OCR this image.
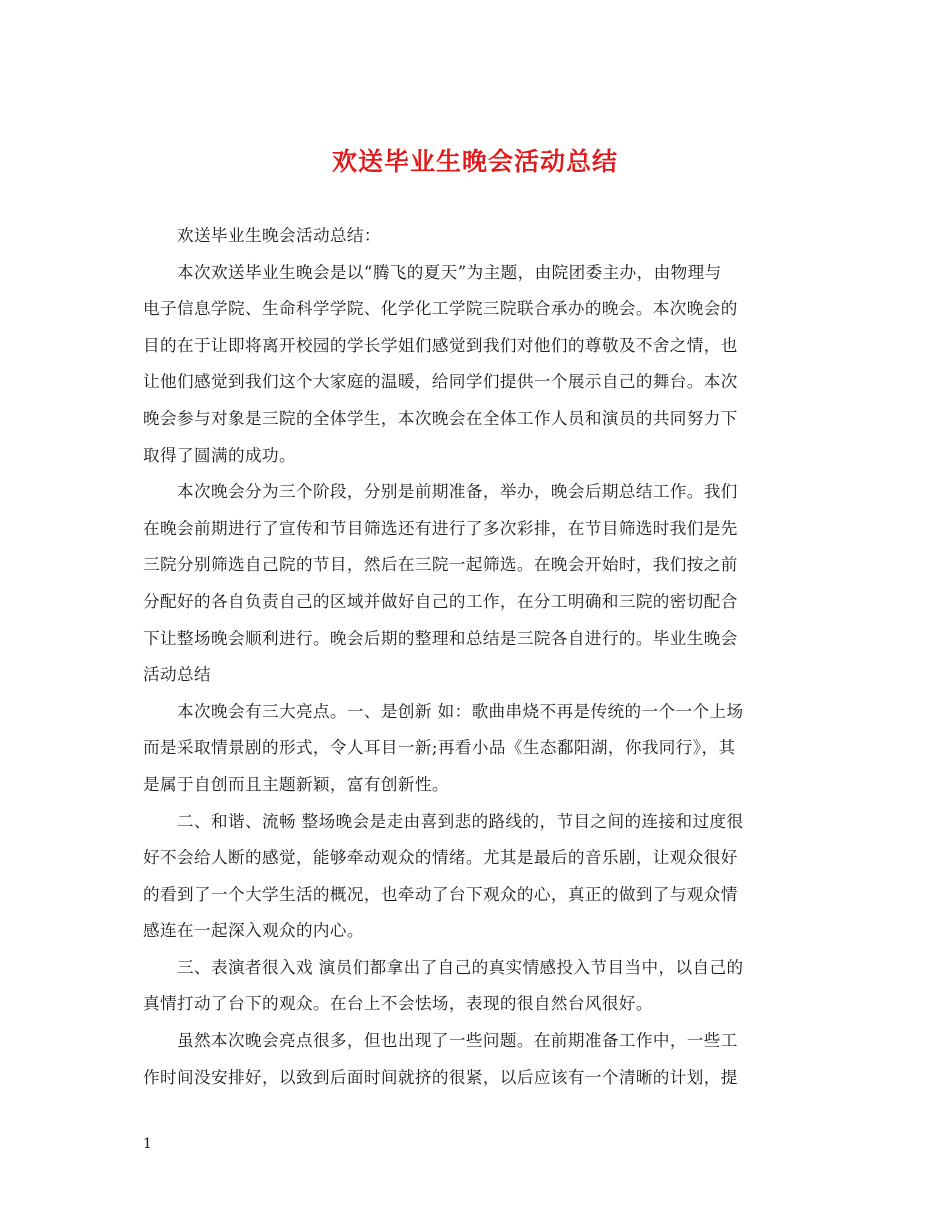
欢送毕业生晚会活动总结
欢送毕业生晚会活动总结：
本次欢送毕业生晚会是以“腾飞的夏天”为主题，由院团委主办，由物理与
电子信息学院、生命科学学院、化学化工学院三院联合承办的晚会。本次晚会的
目的在于让即将离开校园的学长学姐们感觉到我们对他们的尊敬及不舍之情，也
让他们感觉到我们这个大家庭的温暖，给同学们提供一个展示自己的舞台。本次
晚会参与对象是三院的全体学生，本次晚会在全体工作人员和演员的共同努力下
取得了圆满的成功。
本次晚会分为三个阶段，分别是前期准备，举办，晚会后期总结工作。我们
在晚会前期进行了宣传和节目筛选还有进行了多次彩排，在节目筛选时我们是先
三院分别筛选自己院的节目，然后在三院一起筛选。在晚会开始时，我们按之前
分配好的各自负责自己的区域并做好自己的工作，在分工明确和三院的密切配合
下让整场晚会顺利进行。晚会后期的整理和总结是三院各自进行的。毕业生晚会
活动总结
本次晚会有三大亮点。一、是创新 如：歌曲串烧不再是传统的一个一个上场
而是采取情景剧的形式，令人耳目一新;再看小品《生态鄱阳湖，你我同行》，其
是属于自创而且主题新颖，富有创新性。
二、和谐、流畅 整场晚会是走由喜到悲的路线的，节目之间的连接和过度很
好不会给人断的感觉，能够牵动观众的情绪。尤其是最后的音乐剧，让观众很好
的看到了一个大学生活的概况，也牵动了台下观众的心，真正的做到了与观众情
感连在一起深入观众的内心。
三、表演者很入戏 演员们都拿出了自己的真实情感投入节目当中，以自己的
真情打动了台下的观众。在台上不会怯场，表现的很自然台风很好。
虽然本次晚会亮点很多，但也出现了一些问题。在前期准备工作中，一些工
作时间没安排好，以致到后面时间就挤的很紧，以后应该有一个清晰的计划，提
1
